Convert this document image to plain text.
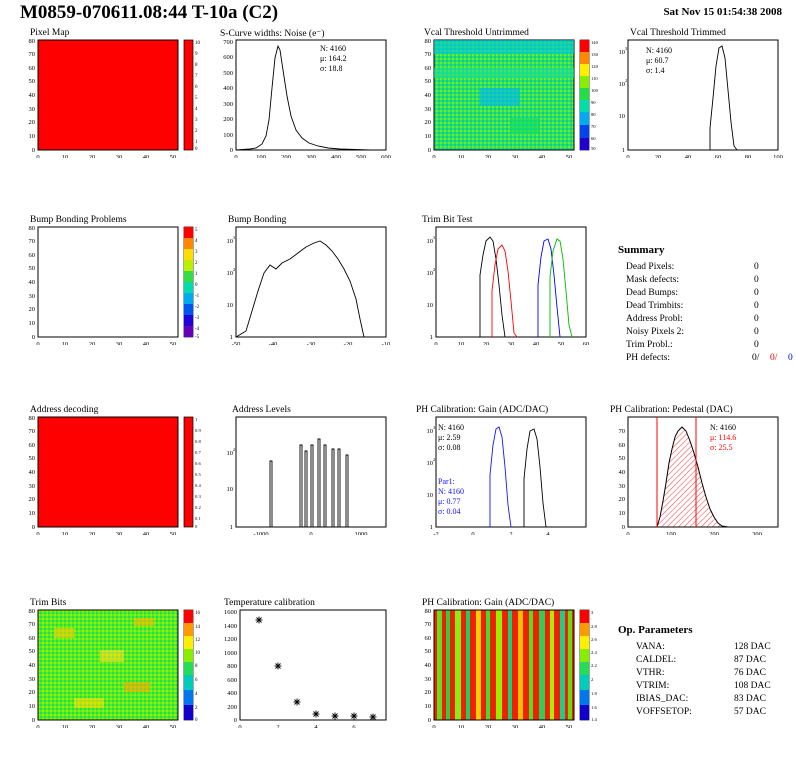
M0859-070611.08:44 T-10a (C2)	Sat Nov 15 01:54:38 2008
Pixel Map
0	10	20	30	40	50
0
10
20
30
40
50
60
70
80	10
9
8
7
6
5
4
3
2
1
0
S-Curve widths: Noise (e⁻)
0	100 200 300 400 500 600
0
100
200
300
400
500
600
700
N: 4160
μ: 164.2
σ: 18.8
Vcal Threshold Untrimmed
0	10	20	30	40	50
0
10
20
30
40
50
60
70
80	140
130
120
110
100
90
80
70
60
50
Vcal Threshold Trimmed
0	20	40	60	80	100
1
10
10
10
2
3 N: 4160
μ: 60.7
σ: 1.4
Bump Bonding Problems
0	10	20	30	40	50
0
10
20
30
40
50
60
70
80	5
4
3
2
1
0
-1
-2
-3
-4
-5
Bump Bonding
-50	-40	-30	-20	-10
1
10
10
10
2
3
Trim Bit Test
0	10	20	30	40	50	60
1
10
10
10
2
3
Summary
Dead Pixels:	0
Mask defects:	0
Dead Bumps:	0
Dead Trimbits:	0
Address Probl:	0
Noisy Pixels 2:	0
Trim Probl.:	0
PH defects:	0/ 0/ 0
Address decoding
0	10	20	30	40	50
0
10
20
30
40
50
60
70
80	1
0.9
0.8
0.7
0.6
0.5
0.4
0.3
0.2
0.1
0
Address Levels
-1000	0	1000
1
10
10
2
PH Calibration: Gain (ADC/DAC)
-2	0	2	4
1
10
10
10
2
3 N: 4160
μ: 2.59
σ: 0.08
Par1:
N: 4160
μ: 0.77
σ: 0.04
PH Calibration: Pedestal (DAC)
0	100	200	300
0
10
20
30
40
50
60
70	N: 4160
μ: 114.6
σ: 25.5
Trim Bits
0	10	20	30	40	50
0
10
20
30
40
50
60
70
80	16
14
12
10
8
6
4
2
0
Temperature calibration
0	2	4	6
0
200
400
600
800
1000
1200
1400
1600
PH Calibration: Gain (ADC/DAC)
0	10	20	30	40	50
0
10
20
30
40
50
60
70
80	3
2.8
2.6
2.4
2.2
2
1.8
1.6
1.4
Op. Parameters
VANA:	128 DAC
CALDEL:	87 DAC
VTHR:	76 DAC
VTRIM:	108 DAC
IBIAS_DAC:	83 DAC
VOFFSETOP:	57 DAC
